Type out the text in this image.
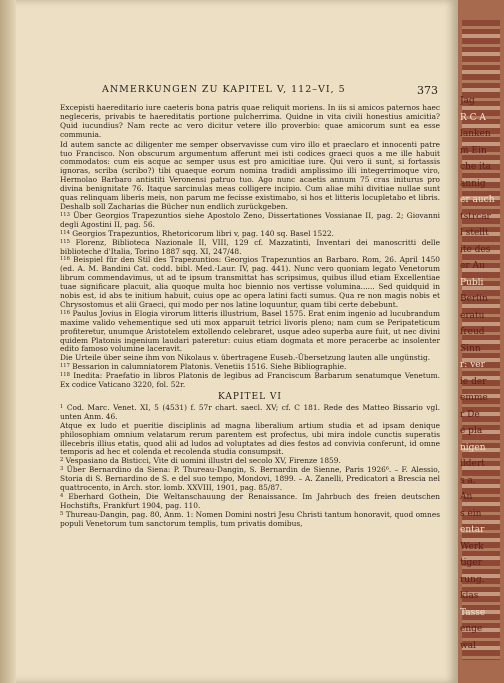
ANMERKUNGEN ZU KAPITEL V, 112–VI, 5	373

Excepisti haereditario iure caeteris bona patris quae reliquit moriens. In iis si amicos paternos haec negleceris, privabis te haereditatis portione pulcherrima. Quidne in vita civili honestius amicitia? Quid iucundius? Nam recte ac vero dicitur vetere illo proverbio: quae amicorum sunt ea esse communia.

Id autem sancte ac diligenter me semper observavisse cum viro illo et praeclaro et innocenti patre tuo Francisco. Non obscurum argumentum afferunt mei isti codices graeci quos a me ille habuit commodatos: cum eis acque ac semper usus est pro amicitiae iure. Qui vero ii sunt, si fortassis ignoras, scriba (scribo?) tibi quaeque eorum nomina tradidi amplissimo illi integerrimoque viro, Hermolao Barbaro antistiti Veronensi patruo tuo. Ago nunc acaetis annum 75 cras initurus pro divina benignitate 76. Itaque sarcinulas meas colligere incipio. Cum aliae mihi divitiae nullae sunt quas relinquam liberis meis, non parum me fecisse existimabo, si hos et litteris locupletabo et libris. Deshalb soll Zacharias die Bücher nun endlich zurückgeben.

$^{113}$ Über Georgios Trapezuntios siehe Apostolo Zeno, Dissertationes Vossianae II, pag. 2; Giovanni degli Agostini II, pag. 56.

$^{114}$ Georgios Trapezuntios, Rhetoricorum libri v, pag. 140 sq. Basel 1522.

$^{115}$ Florenz, Biblioteca Nazionale II, VIII, 129 cf. Mazzatinti, Inventari dei manoscritti delle biblioteche d'Italia, Torino 1887 sqq. XI, 247/48.

$^{116}$ Beispiel für den Stil des Trapezuntios: Georgios Trapezuntios an Barbaro. Rom, 26. April 1450 (ed. A. M. Bandini Cat. codd. bibl. Med.-Laur. IV, pag. 441). Nunc vero quoniam legato Venetorum librum commendavimus, ut ad te ipsum transmittat has scripsimus, quibus illud etiam Excellentiae tuae significare placuit, alia quoque multa hoc biennio nos vertisse volumina...... Sed quidquid in nobis est, id abs te initium habuit, cuius ope ac opera latini facti sumus. Qua re non magis nobis et Chrysostomus et alii Graeci, qui modo per nos latine loquuntur, quam tibi certe debebunt.

$^{116}$ Paulus Jovius in Elogia virorum litteris illustrium, Basel 1575. Erat enim ingenio ad lucubrandum maxime valido vehementique sed uti mox apparuit tetrici livoris pleno; nam cum se Peripateticum profiteretur, unumque Aristotelem extollendo celebraret, usque adeo superba aure fuit, ut nec divini quidem Platonis ingenium laudari pateretur: cuius etiam dogmata et more peracerbe ac insolenter edito famoso volumine laceravit.

Die Urteile über seine ihm von Nikolaus v. übertragene Euseb.-Übersetzung lauten alle ungünstig.

$^{117}$ Bessarion in calumniatorem Platonis. Venetiis 1516. Siehe Bibliographie.

$^{118}$ Inedita: Praefatio in libros Platonis de legibus ad Franciscum Barbarum senatumque Venetum. Ex codice Vaticano 3220, fol. 52r.

KAPITEL VI

$^1$ Cod. Marc. Venet. XI, 5 (4531) f. 57r chart. saecl. XV; cf. C 181. Rede des Matteo Bissario vgl. unten Anm. 46.

Atque ex ludo et pueritie disciplinis ad magna liberalium artium studia et ad ipsam denique philosophiam omnium velatarum rerum parentem est profectus, ubi mira indole cunctis superatis illecebris illius etatis, quod alii ad ludos ad voluptates ad dies festos ad convivia conferunt, id omne temporis ad hec et colenda et recolenda studia consumpsit.

$^2$ Vespasiano da Bisticci, Vite di uomini illustri del secolo XV, Firenze 1859.

$^3$ Über Bernardino da Siena: P. Thureau-Dangin, S. Bernardin de Sienne, Paris 1926⁶. – F. Alessio, Storia di S. Bernardino de S. e del suo tempo, Mondovi, 1899. – A. Zanelli, Predicatori a Brescia nel quattrocento, in Arch. stor. lomb. XXVIII, 1901, pag. 85/87.

$^4$ Eberhard Gothein, Die Weltanschauung der Renaissance. Im Jahrbuch des freien deutschen Hochstifts, Frankfurt 1904, pag. 110.

$^5$ Thureau-Dangin, pag. 80, Anm. 1: Nomen Domini nostri Jesu Christi tantum honoravit, quod omnes populi Venetorum tum sanctorum templis, tum privatis domibus,

Jag
R C A
lanken
m Ein
che ita
annig
er auch
tstrcar
l stellt
ite des
er Au
Publi
Berlin
eratu
freud
Sinn
r: ver
ie der
emme
r De
e pla
nigen
ildert
s a.
An
s ein
entar
Werk
tiger
rung.
klas
Tasse
enge
wal
